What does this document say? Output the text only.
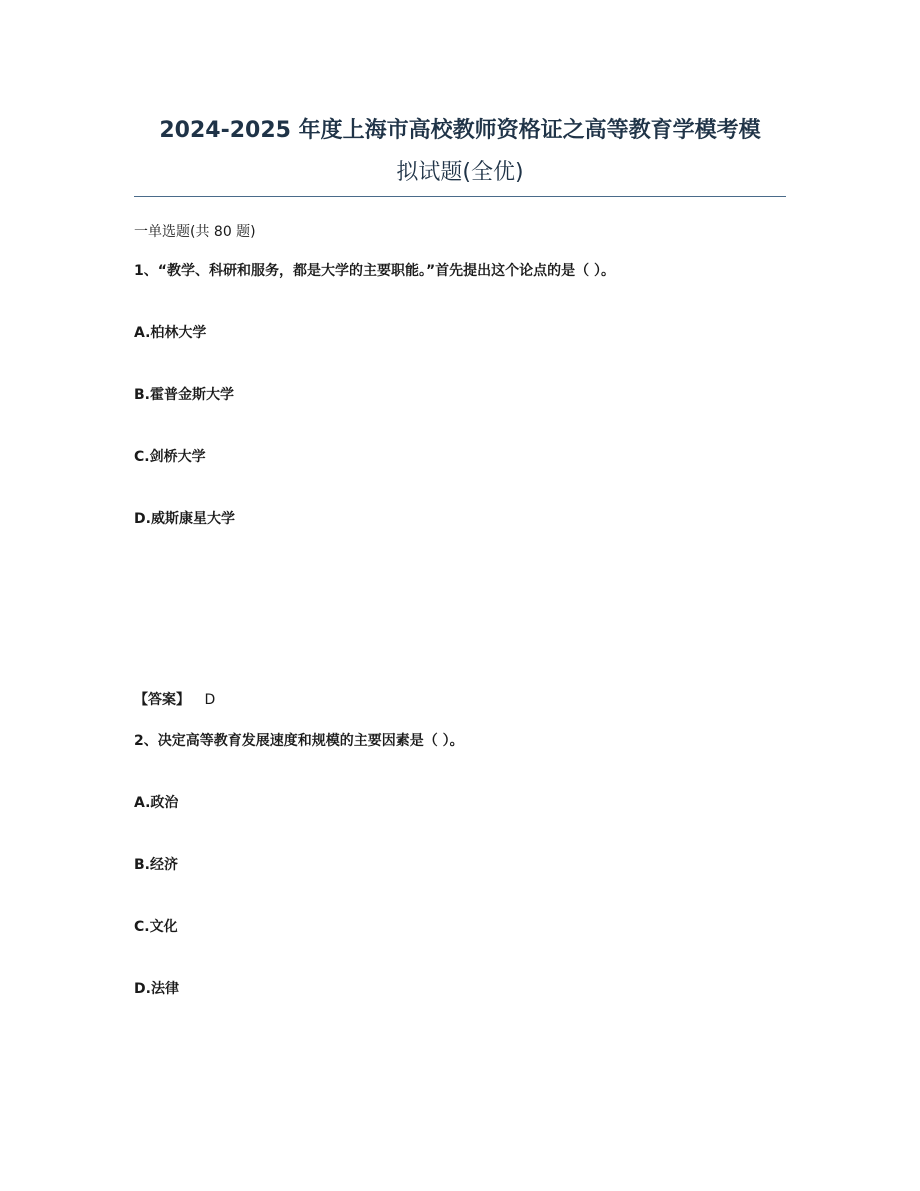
2024-2025 年度上海市高校教师资格证之高等教育学模考模
拟试题(全优)
一单选题(共 80 题)
1、“教学、科研和服务，都是大学的主要职能。”首先提出这个论点的是（ ）。
A.柏林大学
B.霍普金斯大学
C.剑桥大学
D.威斯康星大学
【答案】 D
2、决定高等教育发展速度和规模的主要因素是（ ）。
A.政治
B.经济
C.文化
D.法律
